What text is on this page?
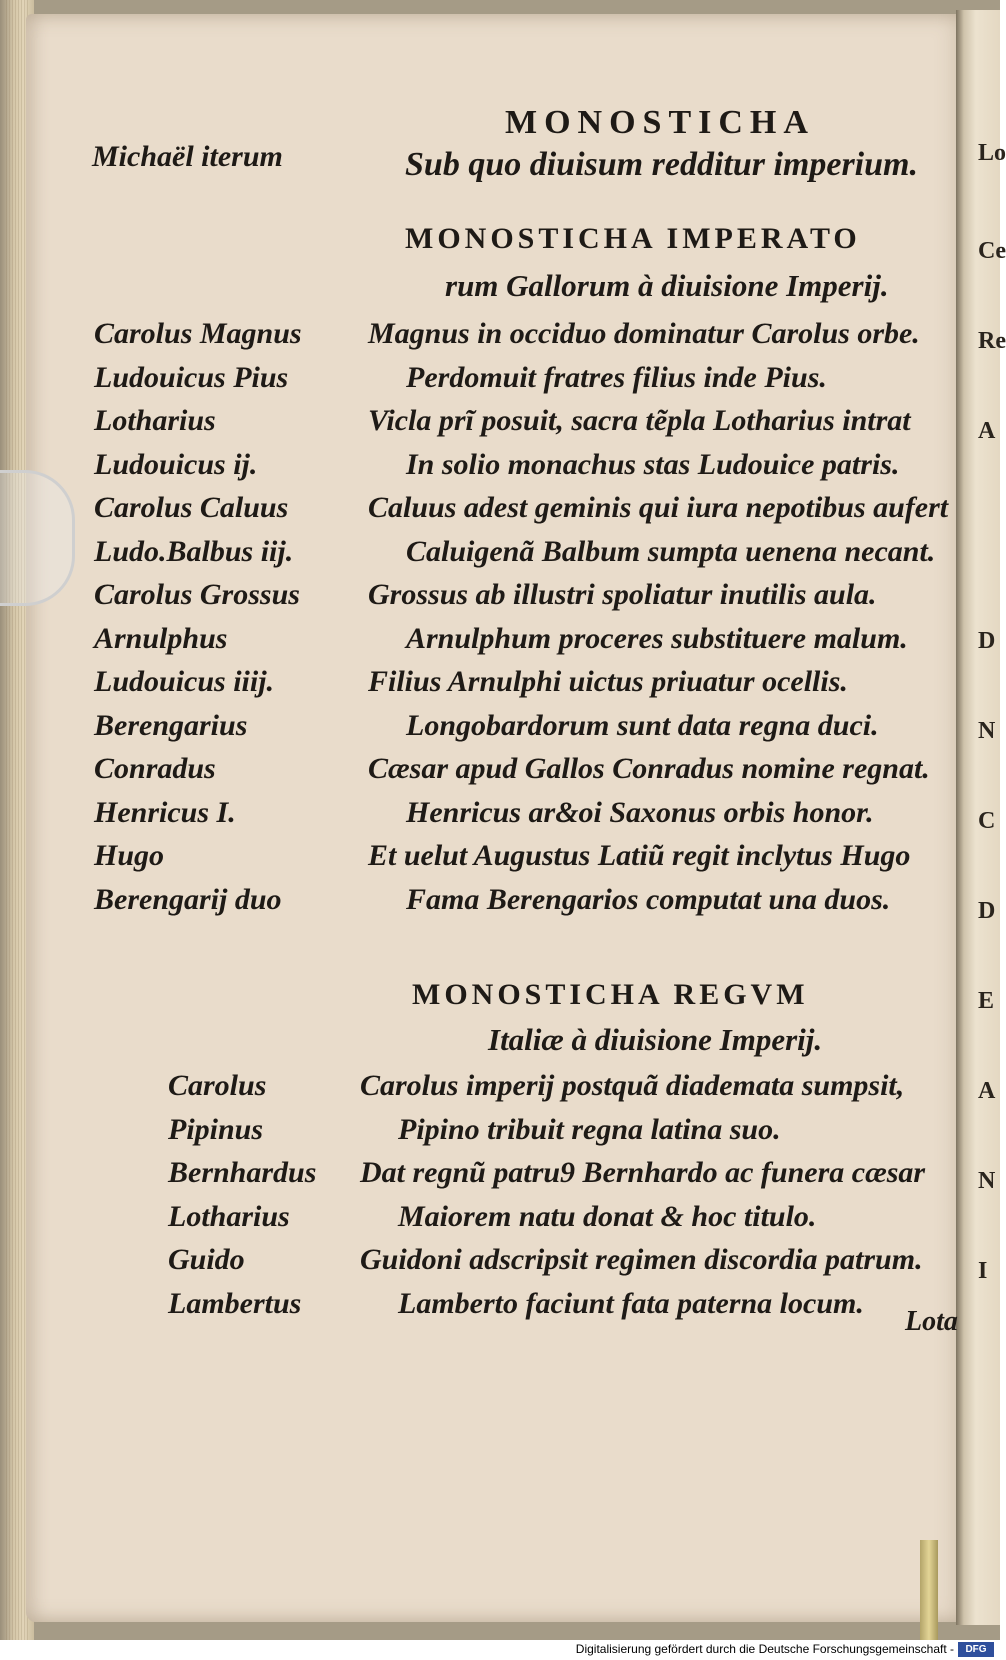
MONOSTICHA
Michaël iterum	Sub quo diuisum redditur imperium.
MONOSTICHA IMPERATO
rum Gallorum à diuisione Imperij.
Carolus Magnus
Ludouicus Pius
Lotharius
Ludouicus ij.
Carolus Caluus
Ludo.Balbus iij.
Carolus Grossus
Arnulphus
Ludouicus iiij.
Berengarius
Conradus
Henricus I.
Hugo
Berengarij duo
Magnus in occiduo dominatur Carolus orbe.
Perdomuit fratres filius inde Pius.
Vicla prĩ posuit, sacra tẽpla Lotharius intrat
In solio monachus stas Ludouice patris.
Caluus adest geminis qui iura nepotibus aufert
Caluigenã Balbum sumpta uenena necant.
Grossus ab illustri spoliatur inutilis aula.
Arnulphum proceres substituere malum.
Filius Arnulphi uictus priuatur ocellis.
Longobardorum sunt data regna duci.
Cæsar apud Gallos Conradus nomine regnat.
Henricus ar&oi Saxonus orbis honor.
Et uelut Augustus Latiũ regit inclytus Hugo
Fama Berengarios computat una duos.
MONOSTICHA REGVM
Italiæ à diuisione Imperij.
Carolus
Pipinus
Bernhardus
Lotharius
Guido
Lambertus
Carolus imperij postquã diademata sumpsit,
Pipino tribuit regna latina suo.
Dat regnũ patru9 Bernhardo ac funera cæsar
Maiorem natu donat & hoc titulo.
Guidoni adscripsit regimen discordia patrum.
Lamberto faciunt fata paterna locum.
Lota
Lo
Ce
Re
A
D
N
C
D
E
A
N
I
Digitalisierung gefördert durch die Deutsche Forschungsgemeinschaft -	DFG
